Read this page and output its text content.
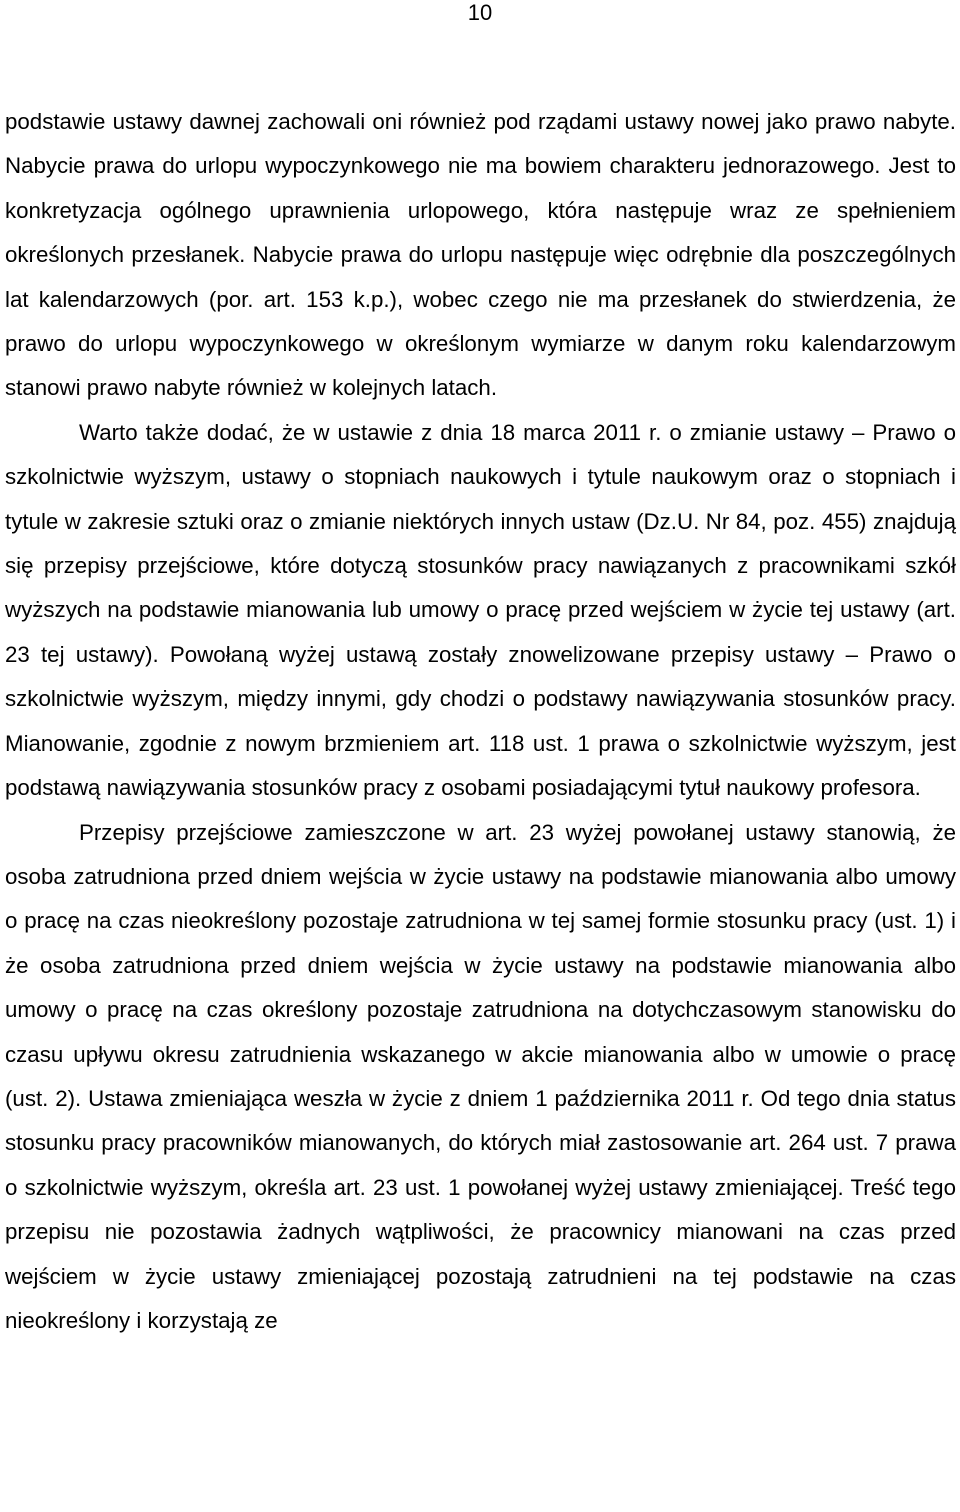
10

podstawie ustawy dawnej zachowali oni również pod rządami ustawy nowej jako prawo nabyte. Nabycie prawa do urlopu wypoczynkowego nie ma bowiem charakteru jednorazowego. Jest to konkretyzacja ogólnego uprawnienia urlopowego, która następuje wraz ze spełnieniem określonych przesłanek. Nabycie prawa do urlopu następuje więc odrębnie dla poszczególnych lat kalendarzowych (por. art. 153 k.p.), wobec czego nie ma przesłanek do stwierdzenia, że prawo do urlopu wypoczynkowego w określonym wymiarze w danym roku kalendarzowym stanowi prawo nabyte również w kolejnych latach.

Warto także dodać, że w ustawie z dnia 18 marca 2011 r. o zmianie ustawy – Prawo o szkolnictwie wyższym, ustawy o stopniach naukowych i tytule naukowym oraz o stopniach i tytule w zakresie sztuki oraz o zmianie niektórych innych ustaw (Dz.U. Nr 84, poz. 455) znajdują się przepisy przejściowe, które dotyczą stosunków pracy nawiązanych z pracownikami szkół wyższych na podstawie mianowania lub umowy o pracę przed wejściem w życie tej ustawy (art. 23 tej ustawy). Powołaną wyżej ustawą zostały znowelizowane przepisy ustawy – Prawo o szkolnictwie wyższym, między innymi, gdy chodzi o podstawy nawiązywania stosunków pracy. Mianowanie, zgodnie z nowym brzmieniem art. 118 ust. 1 prawa o szkolnictwie wyższym, jest podstawą nawiązywania stosunków pracy z osobami posiadającymi tytuł naukowy profesora.

Przepisy przejściowe zamieszczone w art. 23 wyżej powołanej ustawy stanowią, że osoba zatrudniona przed dniem wejścia w życie ustawy na podstawie mianowania albo umowy o pracę na czas nieokreślony pozostaje zatrudniona w tej samej formie stosunku pracy (ust. 1) i że osoba zatrudniona przed dniem wejścia w życie ustawy na podstawie mianowania albo umowy o pracę na czas określony pozostaje zatrudniona na dotychczasowym stanowisku do czasu upływu okresu zatrudnienia wskazanego w akcie mianowania albo w umowie o pracę (ust. 2). Ustawa zmieniająca weszła w życie z dniem 1 października 2011 r. Od tego dnia status stosunku pracy pracowników mianowanych, do których miał zastosowanie art. 264 ust. 7 prawa o szkolnictwie wyższym, określa art. 23 ust. 1 powołanej wyżej ustawy zmieniającej. Treść tego przepisu nie pozostawia żadnych wątpliwości, że pracownicy mianowani na czas przed wejściem w życie ustawy zmieniającej pozostają zatrudnieni na tej podstawie na czas nieokreślony i korzystają ze
